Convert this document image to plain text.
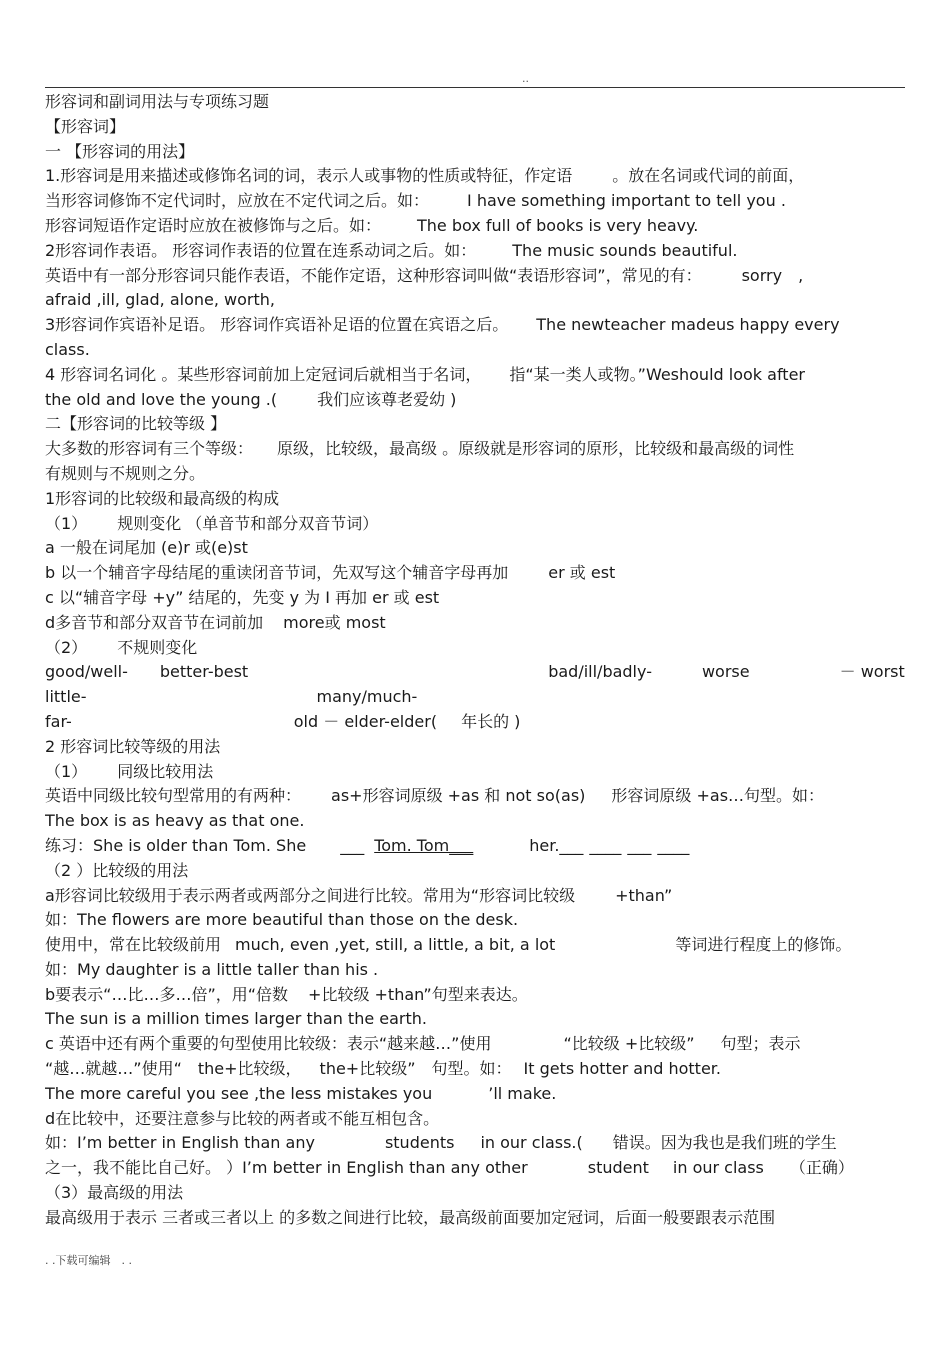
..
形容词和副词用法与专项练习题
【形容词】
一 【形容词的用法】
1.形容词是用来描述或修饰名词的词，表示人或事物的性质或特征，作定语	。放在名词或代词的前面，
当形容词修饰不定代词时，应放在不定代词之后。如： I have something important to tell you .
形容词短语作定语时应放在被修饰与之后。如： The box full of books is very heavy.
2形容词作表语。 形容词作表语的位置在连系动词之后。如： The music sounds beautiful.
英语中有一部分形容词只能作表语，不能作定语，这种形容词叫做“表语形容词”，常见的有：	sorry　,
afraid ,ill, glad, alone, worth,
3形容词作宾语补足语。 形容词作宾语补足语的位置在宾语之后。 The newteacher madeus happy every
class.
4 形容词名词化 。某些形容词前加上定冠词后就相当于名词， 指“某一类人或物。”Weshould look after
the old and love the young .(	我们应该尊老爱幼 )
二【形容词的比较等级 】
大多数的形容词有三个等级： 原级，比较级，最高级 。原级就是形容词的原形，比较级和最高级的词性
有规则与不规则之分。
1形容词的比较级和最高级的构成
（1） 规则变化 （单音节和部分双音节词）
a 一般在词尾加 (e)r 或(e)st
b 以一个辅音字母结尾的重读闭音节词，先双写这个辅音字母再加	er 或 est
c 以“辅音字母 +y” 结尾的，先变 y 为 I 再加 er 或 est
d多音节和部分双音节在词前加 more或 most
（2） 不规则变化
good/well- better-best	bad/ill/badly-	worse	－ worst
little-	many/much-
far-	old － elder-elder( 年长的 )
2 形容词比较等级的用法
（1） 同级比较用法
英语中同级比较句型常用的有两种： as+形容词原级 +as 和 not so(as) 形容词原级 +as…句型。如：
The box is as heavy as that one.
练习：She is older than Tom. She ___ Tom. Tom___	her.___ ____ ___ ____
（2 ）比较级的用法
a形容词比较级用于表示两者或两部分之间进行比较。常用为“形容词比较级	+than”
如：The flowers are more beautiful than those on the desk.
使用中，常在比较级前用 much, even ,yet, still, a little, a bit, a lot	等词进行程度上的修饰。
如：My daughter is a little taller than his .
b要表示“…比…多…倍”，用“倍数 +比较级 +than”句型来表达。
The sun is a million times larger than the earth.
c 英语中还有两个重要的句型使用比较级：表示“越来越…”使用	“比较级 +比较级” 句型；表示
“越…就越…”使用“ the+比较级， the+比较级” 句型。如： It gets hotter and hotter.
The more careful you see ,the less mistakes you	’ll make.
d在比较中，还要注意参与比较的两者或不能互相包含。
如：I’m better in English than any	students in our class.( 错误。因为我也是我们班的学生
之一，我不能比自己好。 ）I’m better in English than any other	student in our class （正确）
（3）最高级的用法
最高级用于表示 三者或三者以上 的多数之间进行比较，最高级前面要加定冠词，后面一般要跟表示范围
. .下载可编辑　. .
